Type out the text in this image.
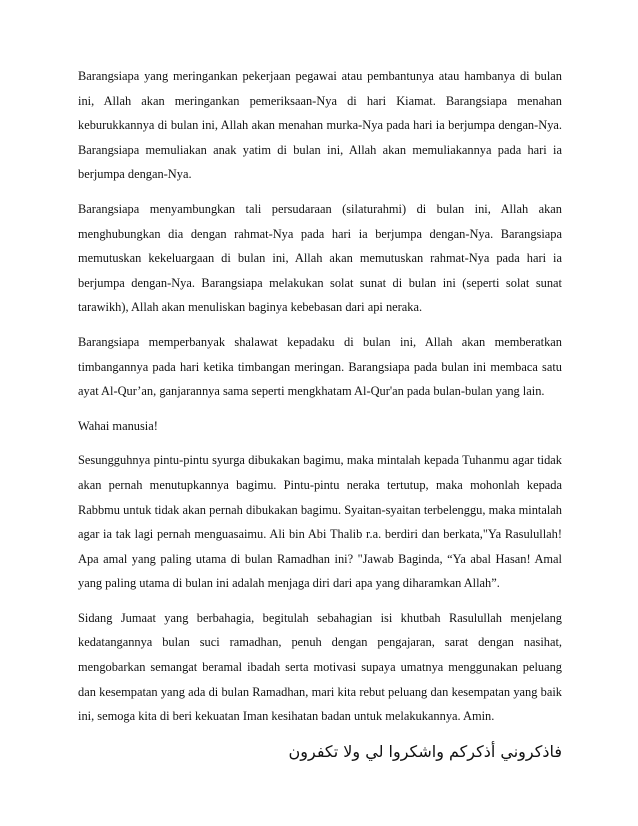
Barangsiapa yang meringankan pekerjaan pegawai atau pembantunya atau hambanya di bulan ini, Allah akan meringankan pemeriksaan-Nya di hari Kiamat. Barangsiapa menahan keburukkannya di bulan ini, Allah akan menahan murka-Nya pada hari ia berjumpa dengan-Nya. Barangsiapa memuliakan anak yatim di bulan ini, Allah akan memuliakannya pada hari ia berjumpa dengan-Nya.

Barangsiapa menyambungkan tali persudaraan (silaturahmi) di bulan ini, Allah akan menghubungkan dia dengan rahmat-Nya pada hari ia berjumpa dengan-Nya. Barangsiapa memutuskan kekeluargaan di bulan ini, Allah akan memutuskan rahmat-Nya pada hari ia berjumpa dengan-Nya. Barangsiapa melakukan solat sunat di bulan ini (seperti solat sunat tarawikh), Allah akan menuliskan baginya kebebasan dari api neraka.

Barangsiapa memperbanyak shalawat kepadaku di bulan ini, Allah akan memberatkan timbangannya pada hari ketika timbangan meringan. Barangsiapa pada bulan ini membaca satu ayat Al-Qur’an, ganjarannya sama seperti mengkhatam Al-Qur'an pada bulan-bulan yang lain.

Wahai manusia!

Sesungguhnya pintu-pintu syurga dibukakan bagimu, maka mintalah kepada Tuhanmu agar tidak akan pernah menutupkannya bagimu. Pintu-pintu neraka tertutup, maka mohonlah kepada Rabbmu untuk tidak akan pernah dibukakan bagimu. Syaitan-syaitan terbelenggu, maka mintalah agar ia tak lagi pernah menguasaimu. Ali bin Abi Thalib r.a. berdiri dan berkata,"Ya Rasulullah! Apa amal yang paling utama di bulan Ramadhan ini? "Jawab Baginda, “Ya abal Hasan! Amal yang paling utama di bulan ini adalah menjaga diri dari apa yang diharamkan Allah”.

Sidang Jumaat yang berbahagia, begitulah sebahagian isi khutbah Rasulullah menjelang kedatangannya bulan suci ramadhan, penuh dengan pengajaran, sarat dengan nasihat, mengobarkan semangat beramal ibadah serta motivasi supaya umatnya menggunakan peluang dan kesempatan yang ada di bulan Ramadhan, mari kita rebut peluang dan kesempatan yang baik ini, semoga kita di beri kekuatan Iman kesihatan badan untuk melakukannya. Amin.

فاذكروني أذكركم واشكروا لي ولا تكفرون
